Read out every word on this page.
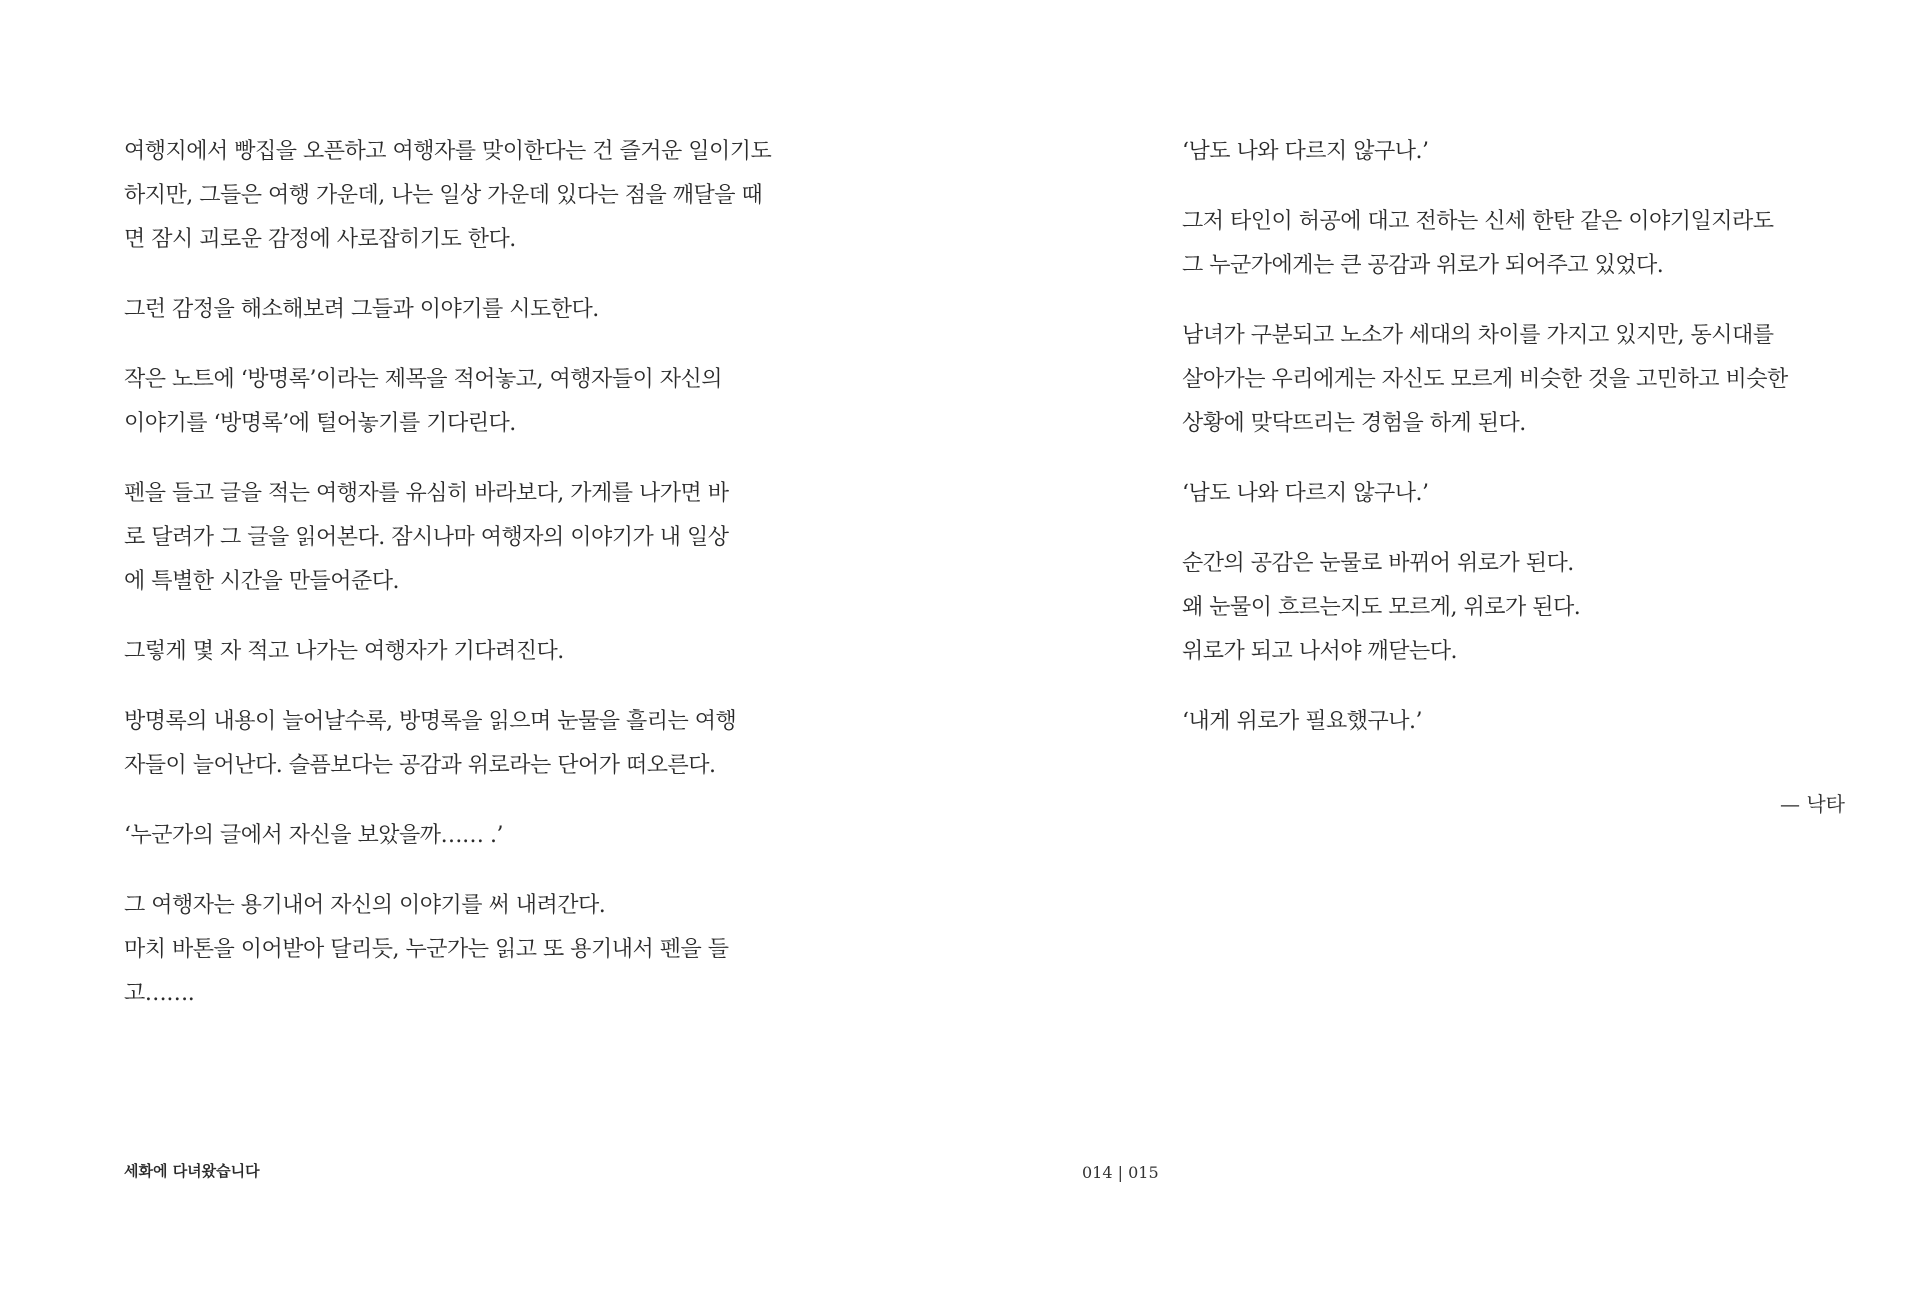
여행지에서 빵집을 오픈하고 여행자를 맞이한다는 건 즐거운 일이기도
하지만, 그들은 여행 가운데, 나는 일상 가운데 있다는 점을 깨달을 때
면 잠시 괴로운 감정에 사로잡히기도 한다.

그런 감정을 해소해보려 그들과 이야기를 시도한다.

작은 노트에 ‘방명록’이라는 제목을 적어놓고, 여행자들이 자신의
이야기를 ‘방명록’에 털어놓기를 기다린다.

펜을 들고 글을 적는 여행자를 유심히 바라보다, 가게를 나가면 바
로 달려가 그 글을 읽어본다. 잠시나마 여행자의 이야기가 내 일상
에 특별한 시간을 만들어준다.

그렇게 몇 자 적고 나가는 여행자가 기다려진다.

방명록의 내용이 늘어날수록, 방명록을 읽으며 눈물을 흘리는 여행
자들이 늘어난다. 슬픔보다는 공감과 위로라는 단어가 떠오른다.

‘누군가의 글에서 자신을 보았을까…… .’

그 여행자는 용기내어 자신의 이야기를 써 내려간다.
마치 바톤을 이어받아 달리듯, 누군가는 읽고 또 용기내서 펜을 들
고…….

세화에 다녀왔습니다

‘남도 나와 다르지 않구나.’

그저 타인이 허공에 대고 전하는 신세 한탄 같은 이야기일지라도
그 누군가에게는 큰 공감과 위로가 되어주고 있었다.

남녀가 구분되고 노소가 세대의 차이를 가지고 있지만, 동시대를
살아가는 우리에게는 자신도 모르게 비슷한 것을 고민하고 비슷한
상황에 맞닥뜨리는 경험을 하게 된다.

‘남도 나와 다르지 않구나.’

순간의 공감은 눈물로 바뀌어 위로가 된다.
왜 눈물이 흐르는지도 모르게, 위로가 된다.
위로가 되고 나서야 깨닫는다.

‘내게 위로가 필요했구나.’

— 낙타
014 | 015
